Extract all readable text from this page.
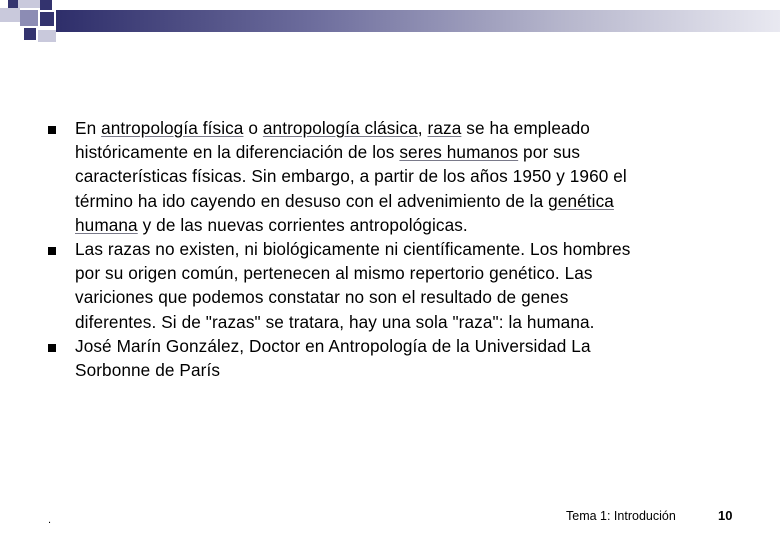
En antropología física o antropología clásica, raza se ha empleado históricamente en la diferenciación de los seres humanos por sus características físicas. Sin embargo, a partir de los años 1950 y 1960 el término ha ido cayendo en desuso con el advenimiento de la genética humana y de las nuevas corrientes antropológicas.
Las razas no existen, ni biológicamente ni científicamente. Los hombres por su origen común, pertenecen al mismo repertorio genético. Las variciones que podemos constatar no son el resultado de genes diferentes. Si de "razas" se tratara, hay una sola "raza": la humana.
José Marín González, Doctor en Antropología de la Universidad La Sorbonne de París
.	Tema 1: Introdución	10
